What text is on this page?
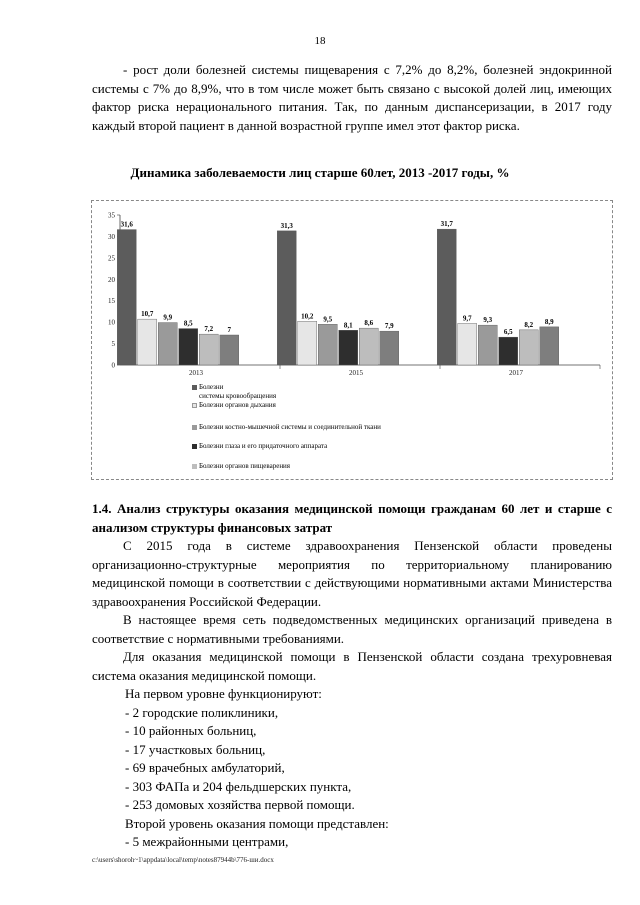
18
- рост доли болезней системы пищеварения с 7,2% до 8,2%, болезней эндокринной системы с 7% до 8,9%, что в том числе может быть связано с высокой долей лиц, имеющих фактор риска нерационального питания. Так, по данным диспансеризации, в 2017 году каждый второй пациент в данной возрастной группе имел этот фактор риска.
Динамика заболеваемости лиц старше 60лет, 2013 -2017 годы, %
0
5
10
15
20
25
30
35
31,6
10,7 9,9
8,5
7,2 7
2013
31,3
10,2 9,5
8,1 8,6 7,9
2015
31,7
9,7 9,3
6,5
8,2 8,9
2017
Болезни
системы кровообращения
Болезни органов дыхания
Болезни костно-мышечной системы и соединительной ткани
Болезни глаза и его придаточного аппарата
Болезни органов пищеварения
1.4. Анализ структуры оказания медицинской помощи гражданам 60 лет и старше с анализом структуры финансовых затрат
С 2015 года в системе здравоохранения Пензенской области проведены организационно-структурные мероприятия по территориальному планированию медицинской помощи в соответствии с действующими нормативными актами Министерства здравоохранения Российской Федерации.
В настоящее время сеть подведомственных медицинских организаций приведена в соответствие с нормативными требованиями.
Для оказания медицинской помощи в Пензенской области создана трехуровневая система оказания медицинской помощи.
На первом уровне функционируют:
- 2 городские поликлиники,
- 10 районных больниц,
- 17 участковых больниц,
- 69 врачебных амбулаторий,
- 303 ФАПа и 204 фельдшерских пункта,
- 253 домовых хозяйства первой помощи.
Второй уровень оказания помощи представлен:
- 5 межрайонными центрами,
c:\users\shoroh~1\appdata\local\temp\notes87944b\776-ши.docx
